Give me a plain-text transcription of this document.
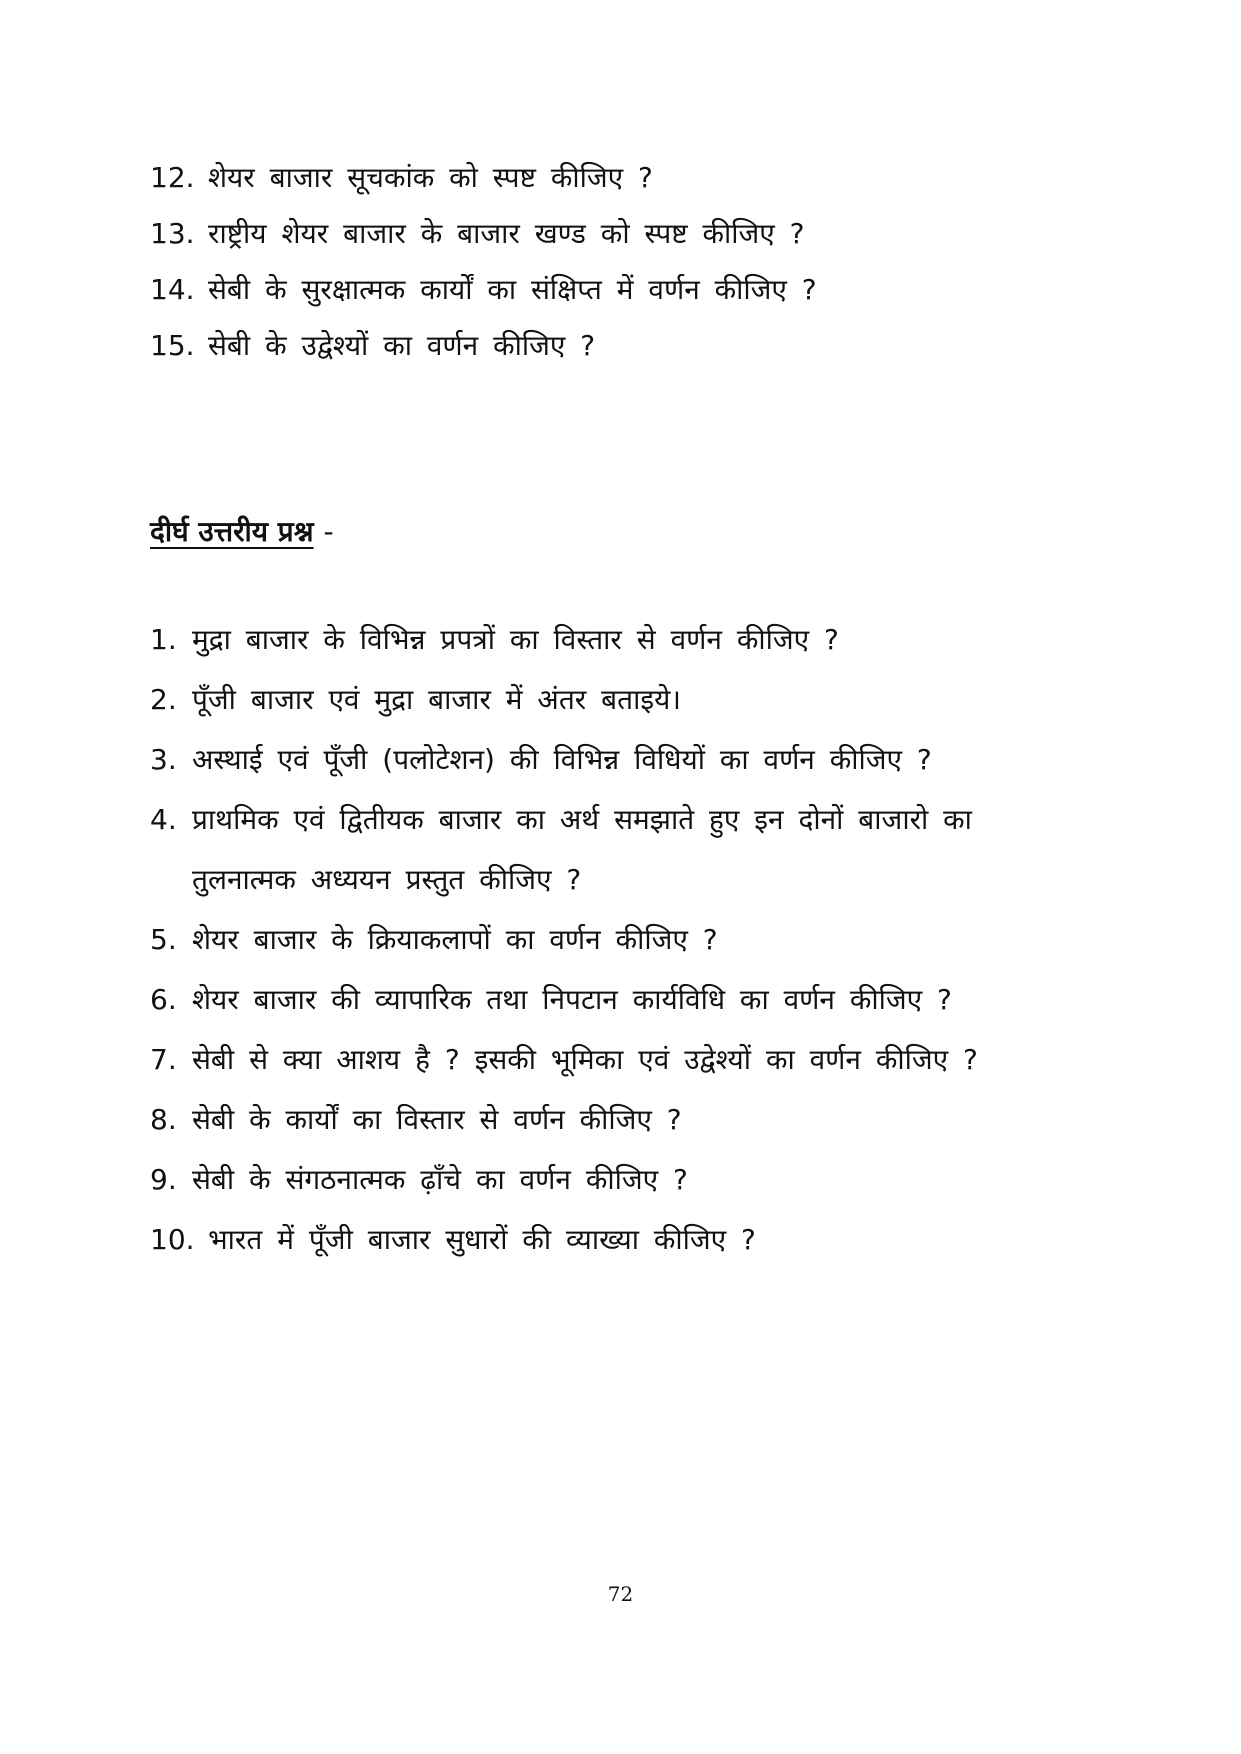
12. शेयर बाजार सूचकांक को स्पष्ट कीजिए ?
13. राष्ट्रीय शेयर बाजार के बाजार खण्ड को स्पष्ट कीजिए ?
14. सेबी के सुरक्षात्मक कार्यों का संक्षिप्त में वर्णन कीजिए ?
15. सेबी के उद्वेश्यों का वर्णन कीजिए ?
दीर्घ उत्तरीय प्रश्न -
1. मुद्रा बाजार के विभिन्न प्रपत्रों का विस्तार से वर्णन कीजिए ?
2. पूँजी बाजार एवं मुद्रा बाजार में अंतर बताइये।
3. अस्थाई एवं पूँजी (पलोटेशन) की विभिन्न विधियों का वर्णन कीजिए ?
4. प्राथमिक एवं द्वितीयक बाजार का अर्थ समझाते हुए इन दोनों बाजारो का तुलनात्मक अध्ययन प्रस्तुत कीजिए ?
5. शेयर बाजार के क्रियाकलापों का वर्णन कीजिए ?
6. शेयर बाजार की व्यापारिक तथा निपटान कार्यविधि का वर्णन कीजिए ?
7. सेबी से क्या आशय है ? इसकी भूमिका एवं उद्वेश्यों का वर्णन कीजिए ?
8. सेबी के कार्यों का विस्तार से वर्णन कीजिए ?
9. सेबी के संगठनात्मक ढ़ाँचे का वर्णन कीजिए ?
10. भारत में पूँजी बाजार सुधारों की व्याख्या कीजिए ?
72
